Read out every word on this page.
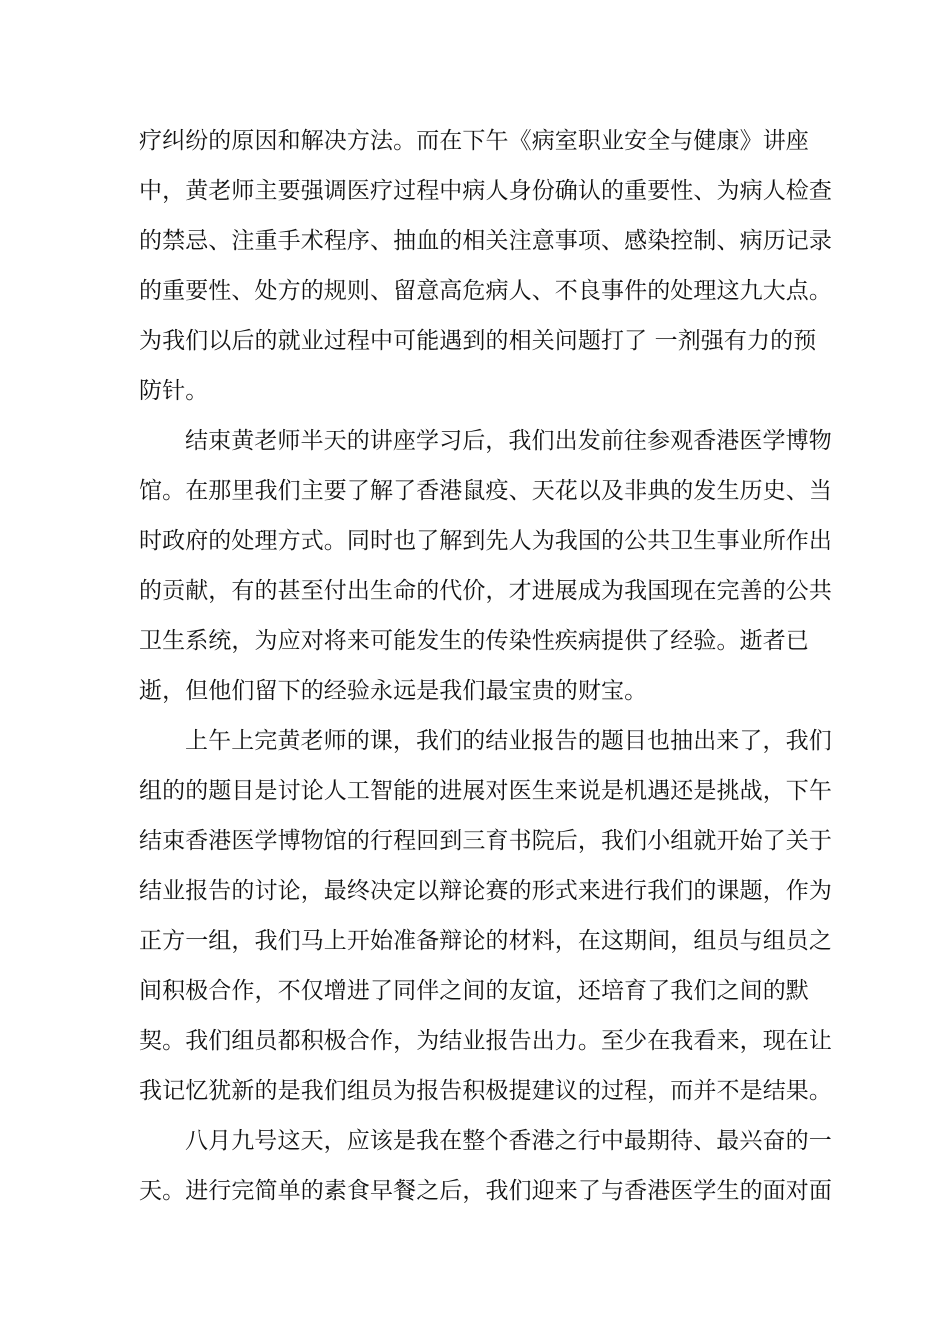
疗纠纷的原因和解决方法。而在下午《病室职业安全与健康》讲座
中，黄老师主要强调医疗过程中病人身份确认的重要性、为病人检查
的禁忌、注重手术程序、抽血的相关注意事项、感染控制、病历记录
的重要性、处方的规则、留意高危病人、不良事件的处理这九大点。
为我们以后的就业过程中可能遇到的相关问题打了 一剂强有力的预
防针。
结束黄老师半天的讲座学习后，我们出发前往参观香港医学博物
馆。在那里我们主要了解了香港鼠疫、天花以及非典的发生历史、当
时政府的处理方式。同时也了解到先人为我国的公共卫生事业所作出
的贡献，有的甚至付出生命的代价，才进展成为我国现在完善的公共
卫生系统，为应对将来可能发生的传染性疾病提供了经验。逝者已
逝，但他们留下的经验永远是我们最宝贵的财宝。
上午上完黄老师的课，我们的结业报告的题目也抽出来了，我们
组的的题目是讨论人工智能的进展对医生来说是机遇还是挑战，下午
结束香港医学博物馆的行程回到三育书院后，我们小组就开始了关于
结业报告的讨论，最终决定以辩论赛的形式来进行我们的课题，作为
正方一组，我们马上开始准备辩论的材料，在这期间，组员与组员之
间积极合作，不仅增进了同伴之间的友谊，还培育了我们之间的默
契。我们组员都积极合作，为结业报告出力。至少在我看来，现在让
我记忆犹新的是我们组员为报告积极提建议的过程，而并不是结果。
八月九号这天，应该是我在整个香港之行中最期待、最兴奋的一
天。进行完简单的素食早餐之后，我们迎来了与香港医学生的面对面
